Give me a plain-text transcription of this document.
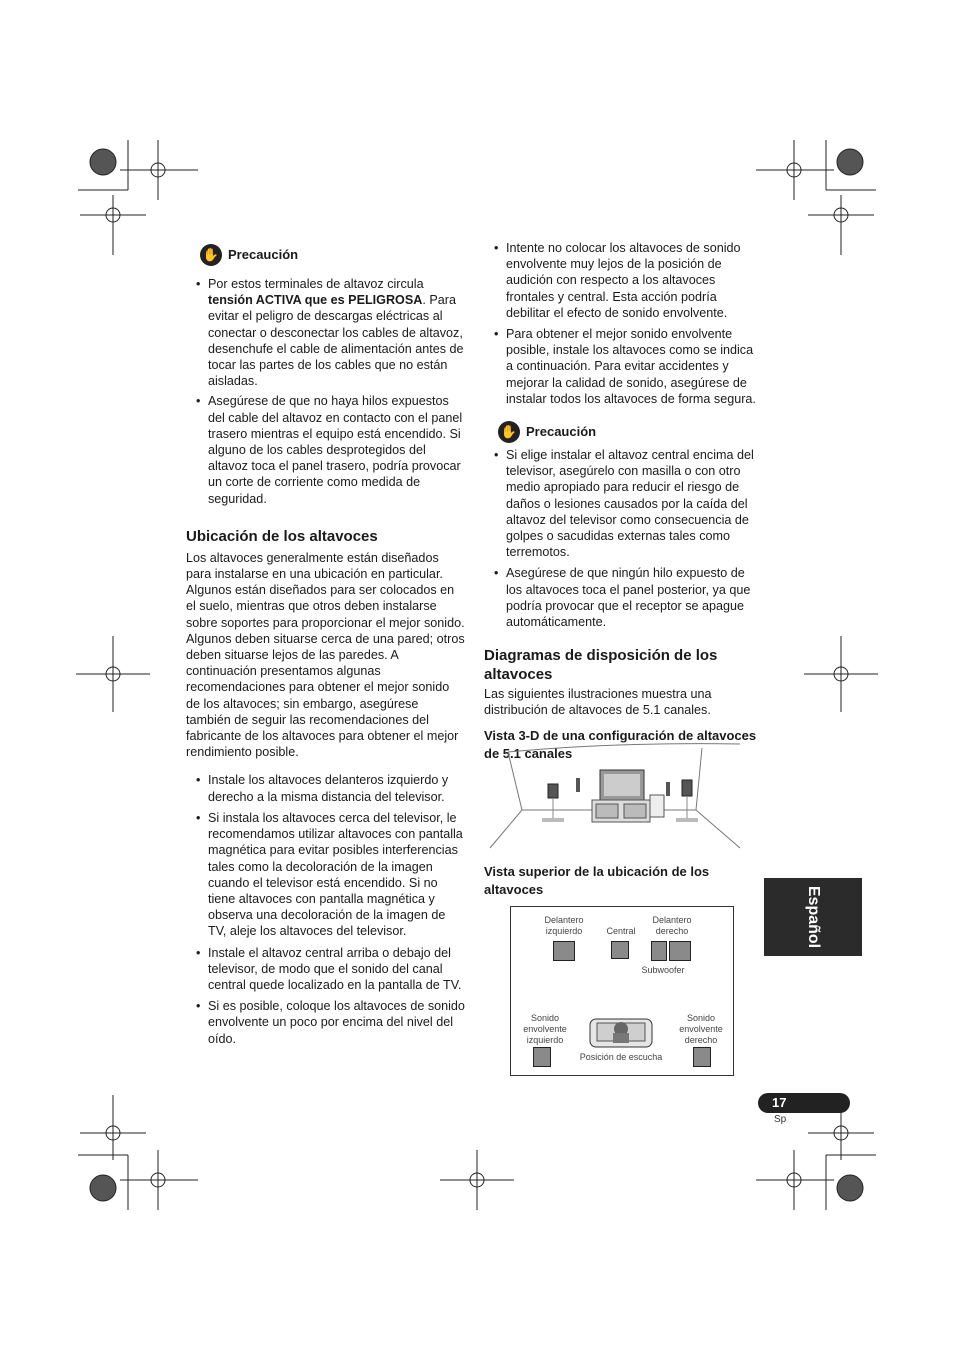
✋ Precaución
• Por estos terminales de altavoz circula tensión ACTIVA que es PELIGROSA. Para evitar el peligro de descargas eléctricas al conectar o desconectar los cables de altavoz, desenchufe el cable de alimentación antes de tocar las partes de los cables que no están aisladas.
• Asegúrese de que no haya hilos expuestos del cable del altavoz en contacto con el panel trasero mientras el equipo está encendido. Si alguno de los cables desprotegidos del altavoz toca el panel trasero, podría provocar un corte de corriente como medida de seguridad.

Ubicación de los altavoces

Los altavoces generalmente están diseñados para instalarse en una ubicación en particular. Algunos están diseñados para ser colocados en el suelo, mientras que otros deben instalarse sobre soportes para proporcionar el mejor sonido. Algunos deben situarse cerca de una pared; otros deben situarse lejos de las paredes. A continuación presentamos algunas recomendaciones para obtener el mejor sonido de los altavoces; sin embargo, asegúrese también de seguir las recomendaciones del fabricante de los altavoces para obtener el mejor rendimiento posible.

• Instale los altavoces delanteros izquierdo y derecho a la misma distancia del televisor.
• Si instala los altavoces cerca del televisor, le recomendamos utilizar altavoces con pantalla magnética para evitar posibles interferencias tales como la decoloración de la imagen cuando el televisor está encendido. Si no tiene altavoces con pantalla magnética y observa una decoloración de la imagen de TV, aleje los altavoces del televisor.
• Instale el altavoz central arriba o debajo del televisor, de modo que el sonido del canal central quede localizado en la pantalla de TV.
• Si es posible, coloque los altavoces de sonido envolvente un poco por encima del nivel del oído.
• Intente no colocar los altavoces de sonido envolvente muy lejos de la posición de audición con respecto a los altavoces frontales y central. Esta acción podría debilitar el efecto de sonido envolvente.
• Para obtener el mejor sonido envolvente posible, instale los altavoces como se indica a continuación. Para evitar accidentes y mejorar la calidad de sonido, asegúrese de instalar todos los altavoces de forma segura.
✋ Precaución
• Si elige instalar el altavoz central encima del televisor, asegúrelo con masilla o con otro medio apropiado para reducir el riesgo de daños o lesiones causados por la caída del altavoz del televisor como consecuencia de golpes o sacudidas externas tales como terremotos.
• Asegúrese de que ningún hilo expuesto de los altavoces toca el panel posterior, ya que podría provocar que el receptor se apague automáticamente.

Diagramas de disposición de los altavoces

Las siguientes ilustraciones muestra una distribución de altavoces de 5.1 canales.

Vista 3-D de una configuración de altavoces de 5.1 canales

Vista superior de la ubicación de los altavoces

Delantero izquierdo	Central
Delantero derecho
Subwoofer
Sonido envolvente izquierdo
Posición de escucha
Sonido envolvente derecho
Español
17
Sp
